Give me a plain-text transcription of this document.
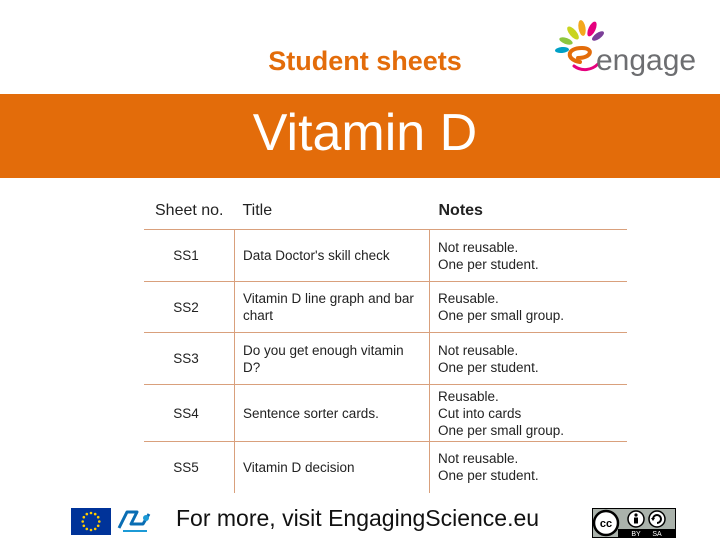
Student sheets	engage
Vitamin D
Sheet no.	Title	Notes
SS1	Data Doctor's skill check	Not reusable.
One per student.

SS2	Vitamin D line graph and bar chart	Reusable.
One per small group.

SS3	Do you get enough vitamin D?	Not reusable.
One per student.

SS4	Sentence sorter cards.	Reusable.
Cut into cards
One per small group.

SS5	Vitamin D decision	Not reusable.
One per student.
For more, visit EngagingScience.eu	cc
BY SA
